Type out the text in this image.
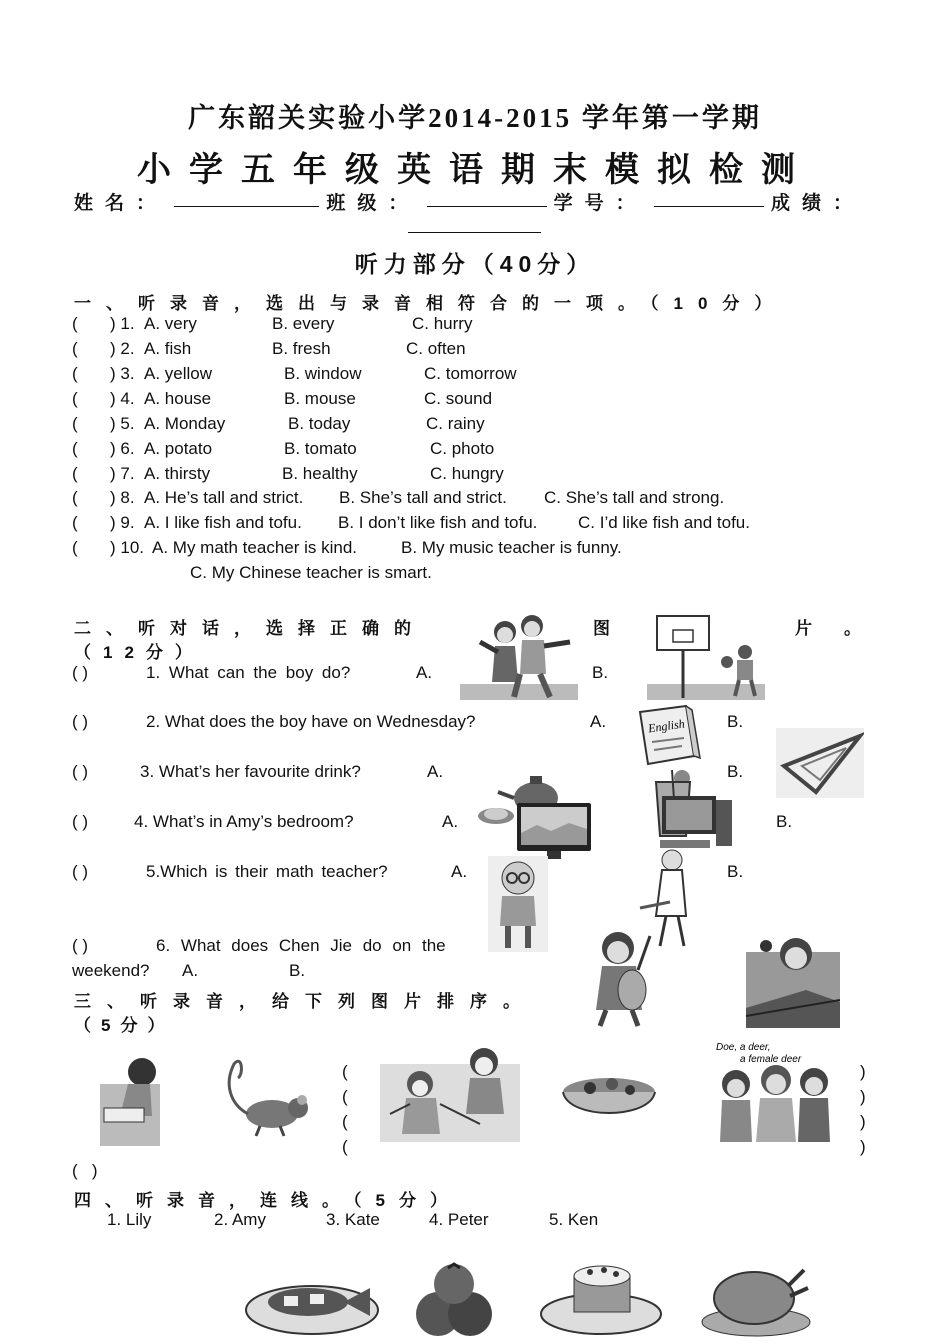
广东韶关实验小学2014-2015 学年第一学期
小学五年级英语期末模拟检测
姓名：	班级：	学号：	成绩：
听力部分（40分）
一、听录音，选出与录音相符合的一项。（10分）
( ) 1. A. very	B. every	C. hurry
( ) 2. A. fish	B. fresh	C. often
( ) 3. A. yellow	B. window	C. tomorrow
( ) 4. A. house	B. mouse	C. sound
( ) 5. A. Monday	B. today	C. rainy
( ) 6. A. potato	B. tomato	C. photo
( ) 7. A. thirsty	B. healthy	C. hungry
( ) 8. A. He’s tall and strict. B. She’s tall and strict. C. She’s tall and strong.
( ) 9. A. I like fish and tofu. B. I don’t like fish and tofu. C. I’d like fish and tofu.
( ) 10. A. My math teacher is kind.	B. My music teacher is funny.
C. My Chinese teacher is smart.
二、听对话，选择正确的	图	片。
（12分）
( )	1. What can the boy do?	A.	B.
( )	2. What does the boy have on Wednesday?	A.	B.
( )	3. What’s her favourite drink?	A.	B.
( )	4. What’s in Amy’s bedroom?	A.	B.
( )	5.Which is their math teacher?	A.	B.
( )	6. What does Chen Jie do on the
weekend? A.	B.
English
三、听录音，给下列图片排序。
（5分）
Doe, a deer,
a female deer
(
(
(
(
)
)
)
)
(   )
四、听录音，连线。（5分）
1. Lily	2. Amy	3. Kate	4. Peter	5. Ken
